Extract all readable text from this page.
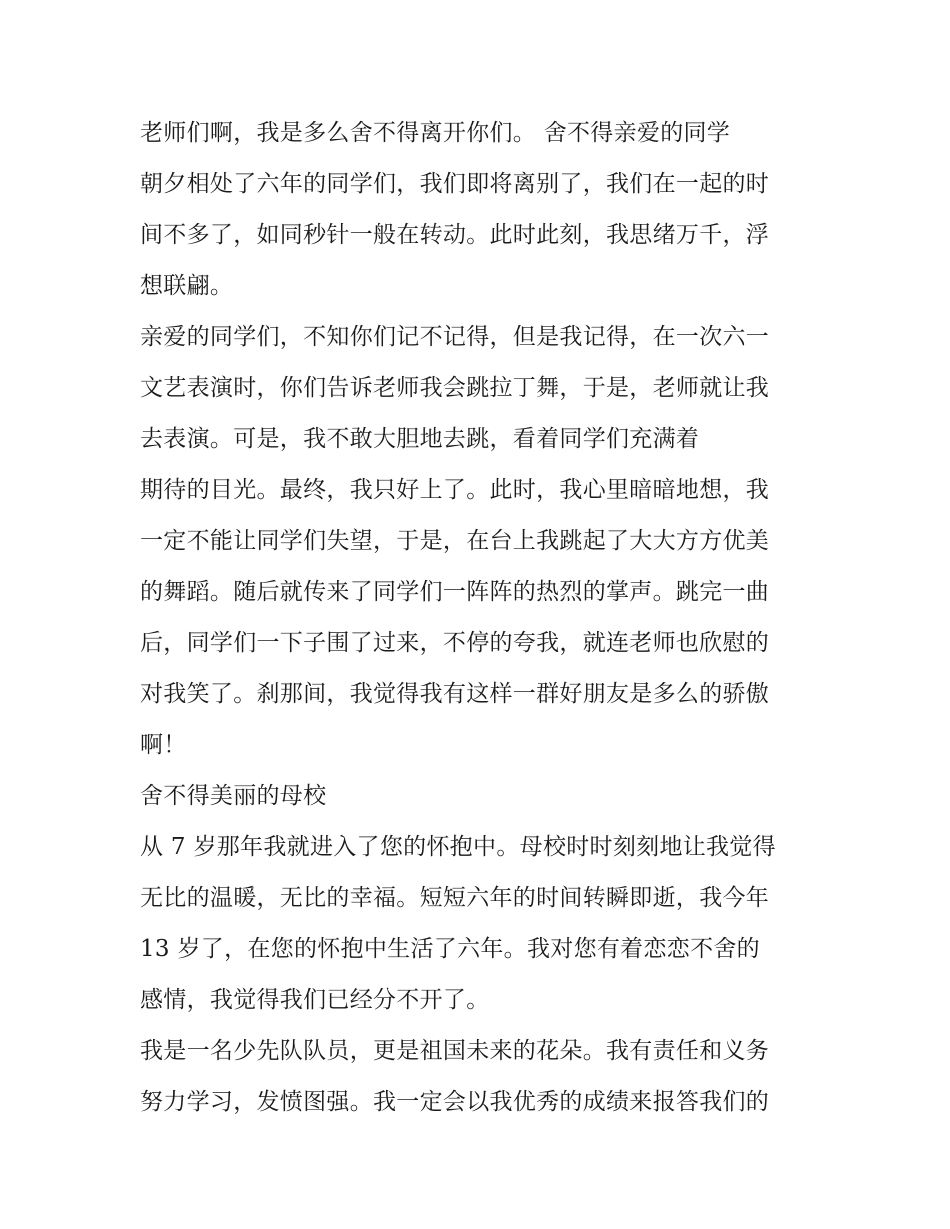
老师们啊，我是多么舍不得离开你们。 舍不得亲爱的同学
朝夕相处了六年的同学们，我们即将离别了，我们在一起的时
间不多了，如同秒针一般在转动。此时此刻，我思绪万千，浮
想联翩。
亲爱的同学们，不知你们记不记得，但是我记得，在一次六一
文艺表演时，你们告诉老师我会跳拉丁舞，于是，老师就让我
去表演。可是，我不敢大胆地去跳，看着同学们充满着
期待的目光。最终，我只好上了。此时，我心里暗暗地想，我
一定不能让同学们失望，于是，在台上我跳起了大大方方优美
的舞蹈。随后就传来了同学们一阵阵的热烈的掌声。跳完一曲
后，同学们一下子围了过来，不停的夸我，就连老师也欣慰的
对我笑了。刹那间，我觉得我有这样一群好朋友是多么的骄傲
啊！
舍不得美丽的母校
从 7 岁那年我就进入了您的怀抱中。母校时时刻刻地让我觉得
无比的温暖，无比的幸福。短短六年的时间转瞬即逝，我今年
13 岁了，在您的怀抱中生活了六年。我对您有着恋恋不舍的
感情，我觉得我们已经分不开了。
我是一名少先队队员，更是祖国未来的花朵。我有责任和义务
努力学习，发愤图强。我一定会以我优秀的成绩来报答我们的
